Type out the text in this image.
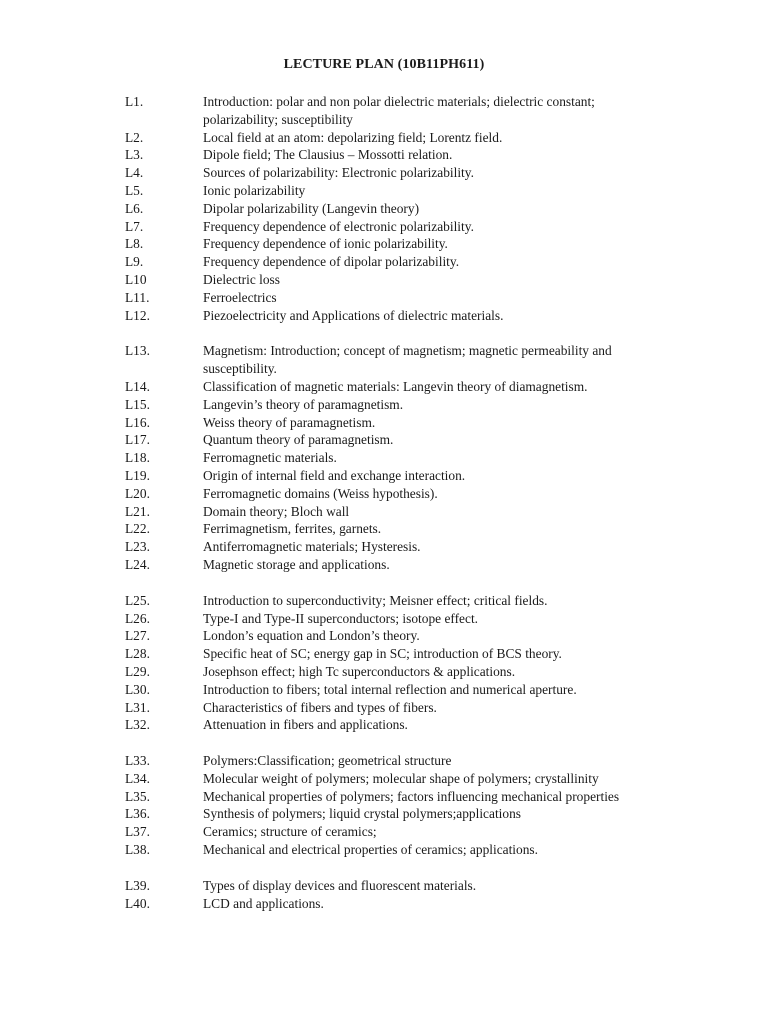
LECTURE PLAN (10B11PH611)
L1.	Introduction: polar and non polar dielectric materials; dielectric constant; polarizability; susceptibility
L2.	Local field at an atom: depolarizing field; Lorentz field.
L3.	Dipole field; The Clausius – Mossotti relation.
L4.	Sources of polarizability: Electronic polarizability.
L5.	Ionic polarizability
L6.	Dipolar polarizability (Langevin theory)
L7.	Frequency dependence of electronic polarizability.
L8.	Frequency dependence of ionic polarizability.
L9.	Frequency dependence of dipolar polarizability.
L10	Dielectric loss
L11.	Ferroelectrics
L12.	Piezoelectricity and Applications of dielectric materials.
L13.	Magnetism: Introduction; concept of magnetism; magnetic permeability and susceptibility.
L14.	Classification of magnetic materials: Langevin theory of diamagnetism.
L15.	Langevin’s theory of paramagnetism.
L16.	Weiss theory of paramagnetism.
L17.	Quantum theory of paramagnetism.
L18.	Ferromagnetic materials.
L19.	Origin of internal field and exchange interaction.
L20.	Ferromagnetic domains (Weiss hypothesis).
L21.	Domain theory; Bloch wall
L22.	Ferrimagnetism, ferrites, garnets.
L23.	Antiferromagnetic materials; Hysteresis.
L24.	Magnetic storage and applications.
L25.	Introduction to superconductivity; Meisner effect; critical fields.
L26.	Type-I and Type-II superconductors; isotope effect.
L27.	London’s equation and London’s theory.
L28.	Specific heat of SC; energy gap in SC; introduction of BCS theory.
L29.	Josephson effect; high Tc superconductors & applications.
L30.	Introduction to fibers; total internal reflection and numerical aperture.
L31.	Characteristics of fibers and types of fibers.
L32.	Attenuation in fibers and applications.
L33.	Polymers:Classification; geometrical structure
L34.	Molecular weight of polymers; molecular shape of polymers; crystallinity
L35.	Mechanical properties of polymers; factors influencing mechanical properties
L36.	Synthesis of polymers; liquid crystal polymers;applications
L37.	Ceramics; structure of ceramics;
L38.	Mechanical and electrical properties of ceramics; applications.
L39.	Types of display devices and fluorescent materials.
L40.	LCD and applications.
